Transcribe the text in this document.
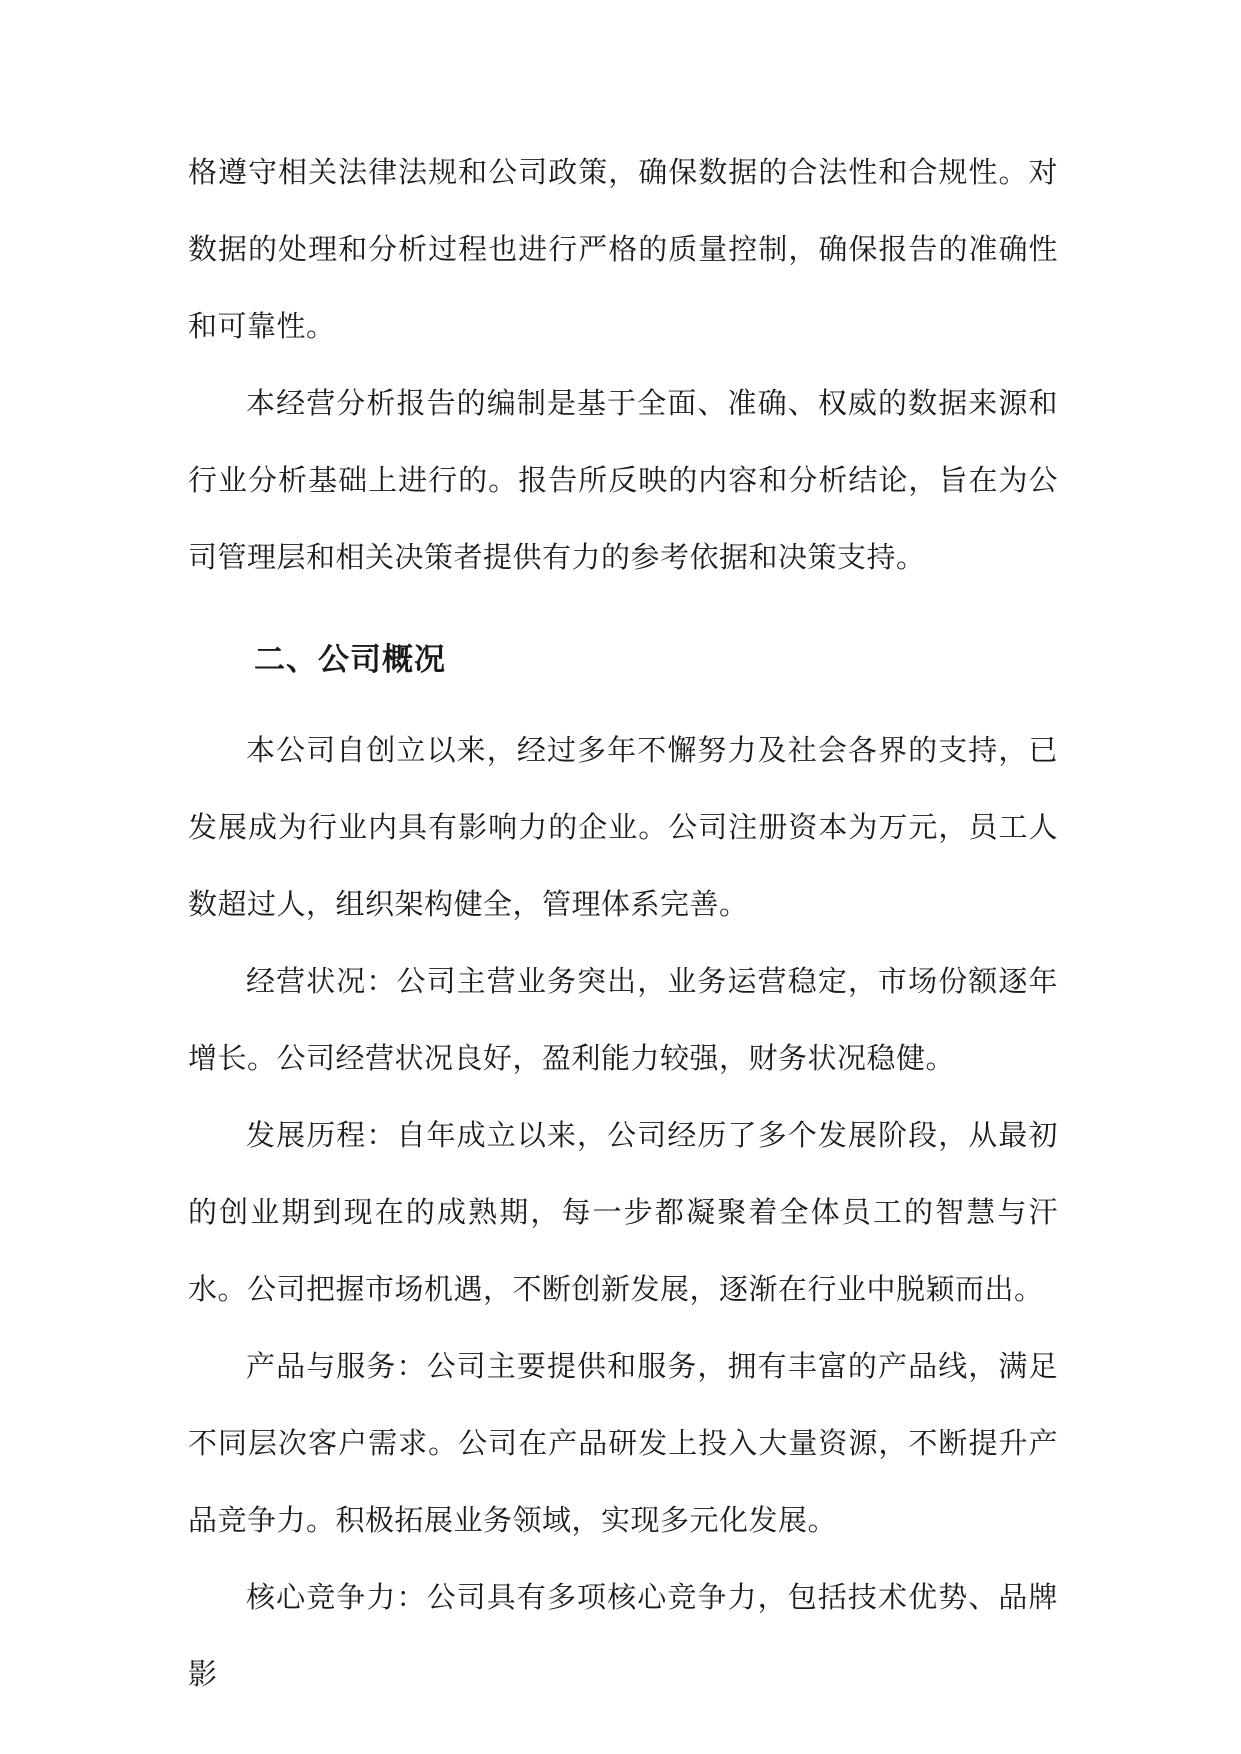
格遵守相关法律法规和公司政策，确保数据的合法性和合规性。对数据的处理和分析过程也进行严格的质量控制，确保报告的准确性和可靠性。

本经营分析报告的编制是基于全面、准确、权威的数据来源和行业分析基础上进行的。报告所反映的内容和分析结论，旨在为公司管理层和相关决策者提供有力的参考依据和决策支持。

二、公司概况

本公司自创立以来，经过多年不懈努力及社会各界的支持，已发展成为行业内具有影响力的企业。公司注册资本为万元，员工人数超过人，组织架构健全，管理体系完善。

经营状况：公司主营业务突出，业务运营稳定，市场份额逐年增长。公司经营状况良好，盈利能力较强，财务状况稳健。

发展历程：自年成立以来，公司经历了多个发展阶段，从最初的创业期到现在的成熟期，每一步都凝聚着全体员工的智慧与汗水。公司把握市场机遇，不断创新发展，逐渐在行业中脱颖而出。

产品与服务：公司主要提供和服务，拥有丰富的产品线，满足不同层次客户需求。公司在产品研发上投入大量资源，不断提升产品竞争力。积极拓展业务领域，实现多元化发展。

核心竞争力：公司具有多项核心竞争力，包括技术优势、品牌影
